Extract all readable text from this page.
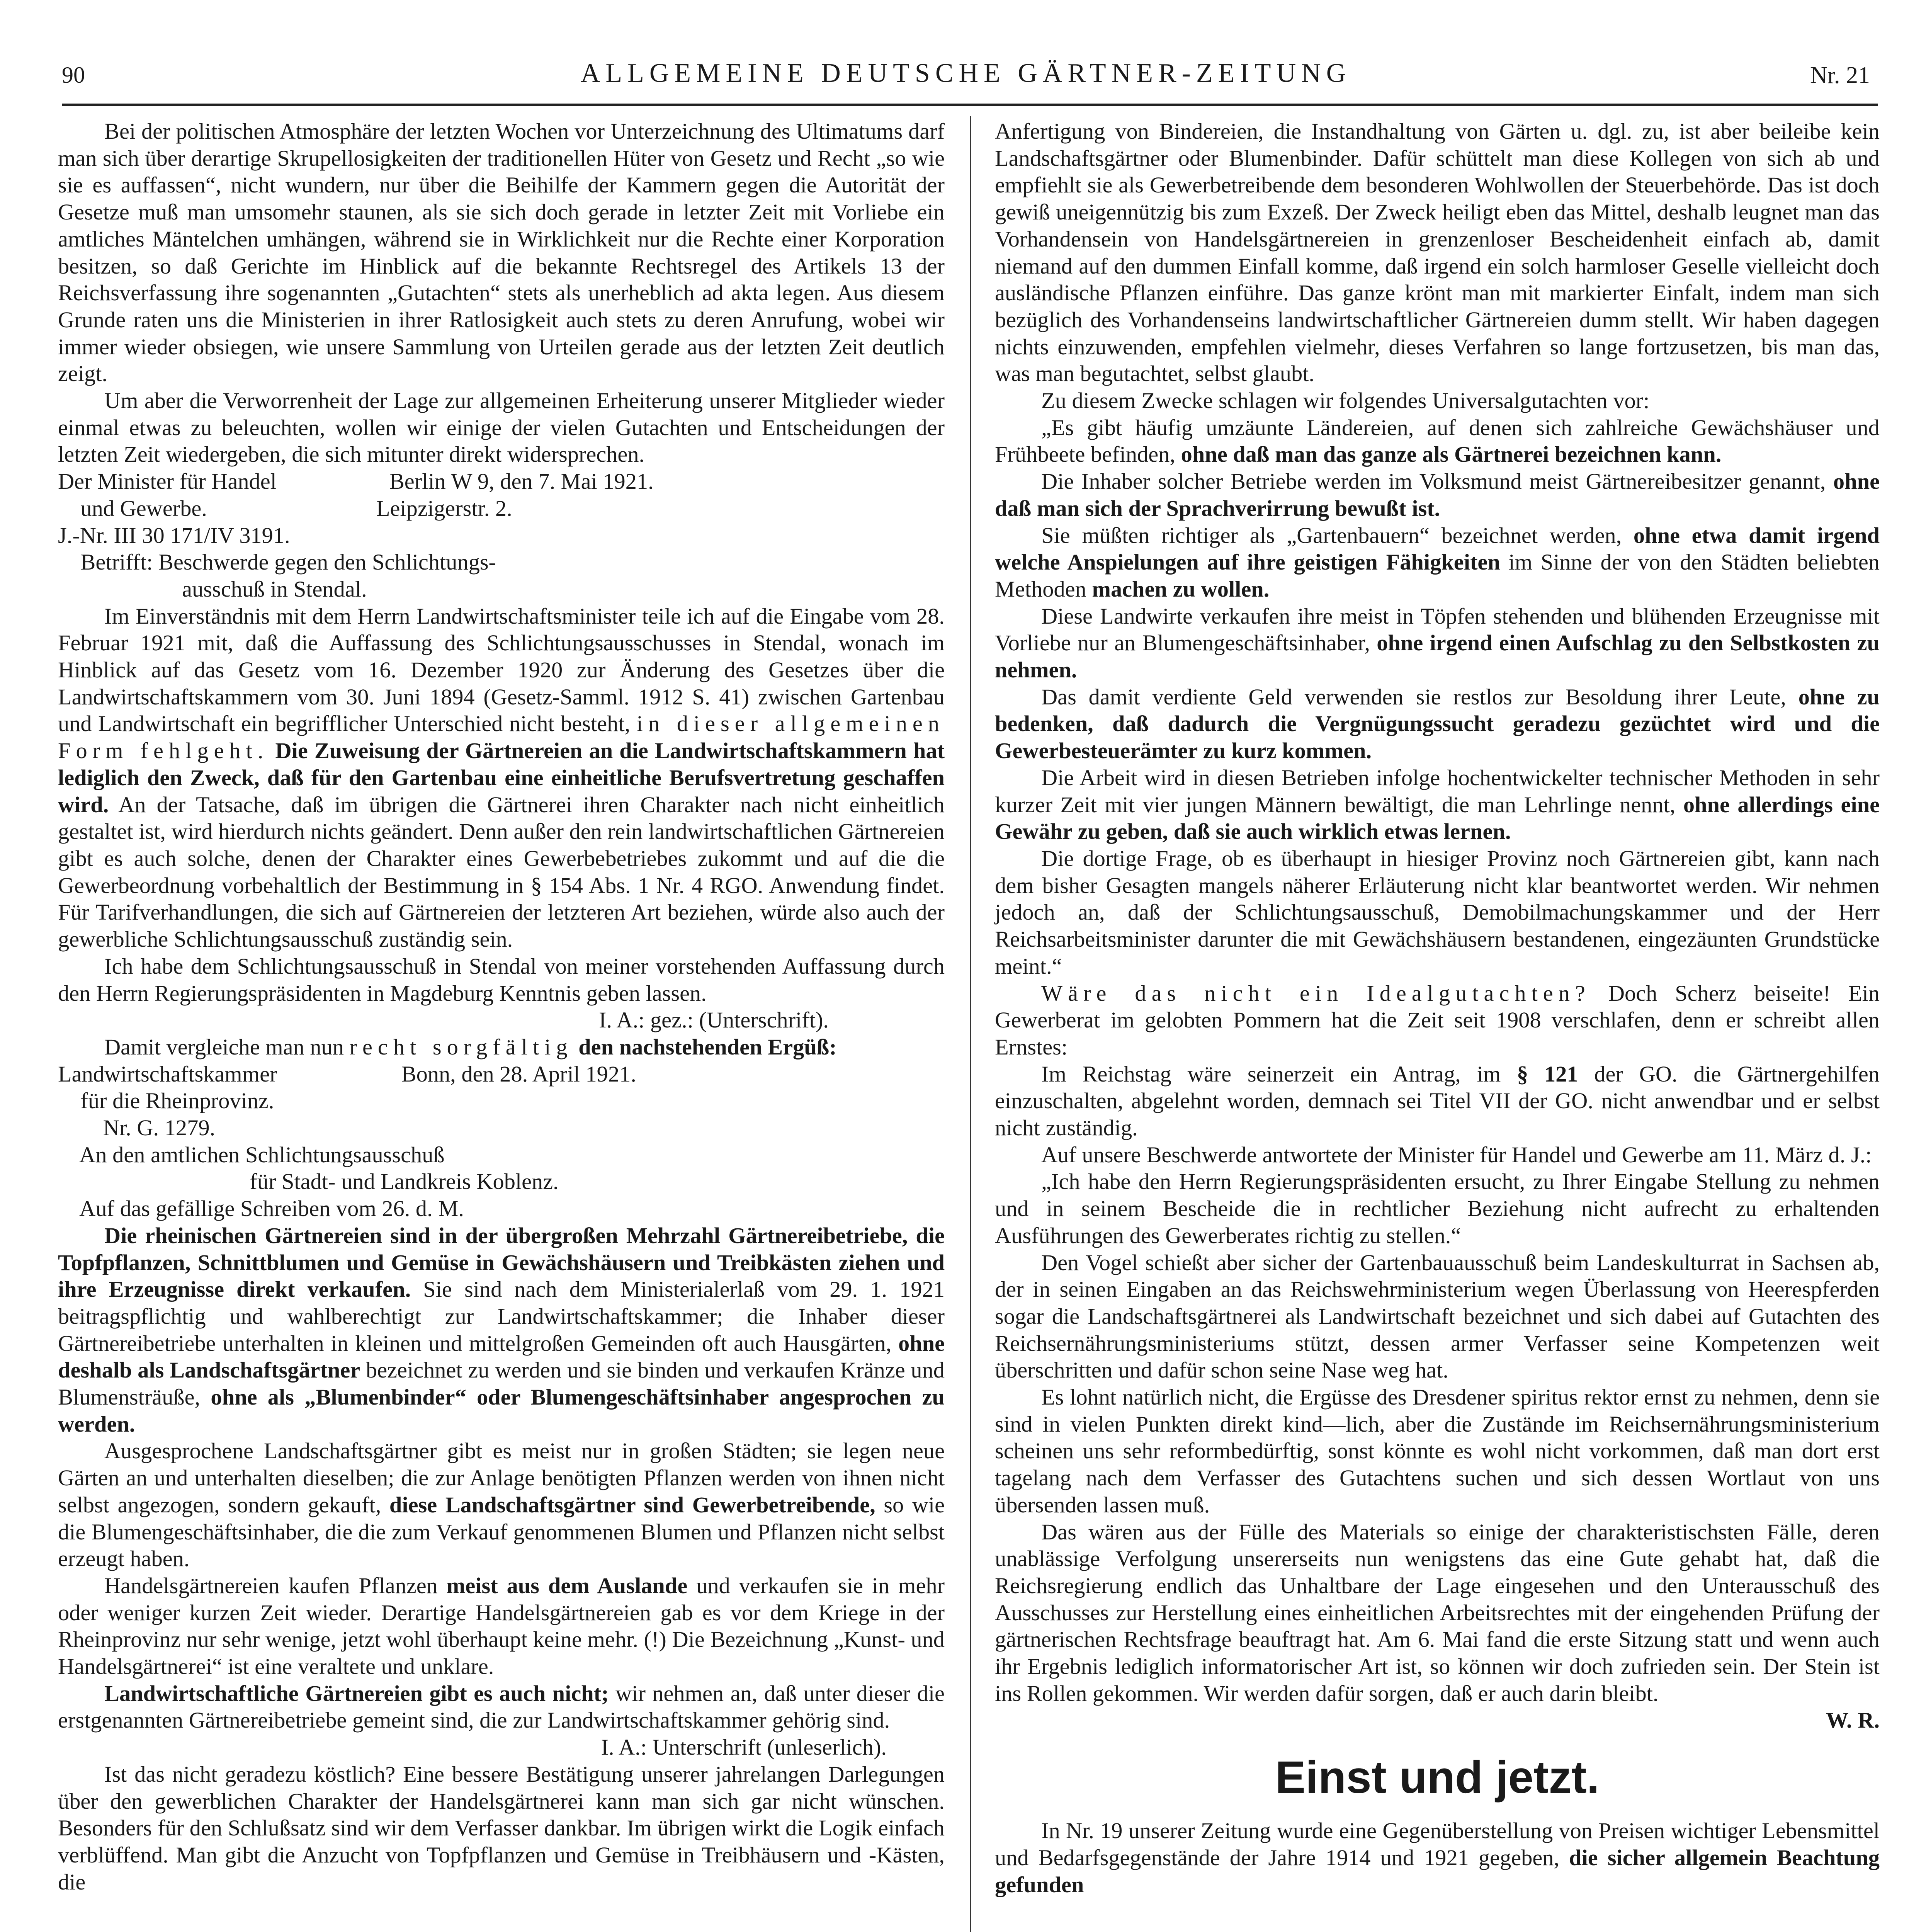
90	ALLGEMEINE DEUTSCHE GÄRTNER-ZEITUNG	Nr. 21

Bei der politischen Atmosphäre der letzten Wochen vor Unterzeichnung des Ultimatums darf man sich über derartige Skrupellosigkeiten der traditionellen Hüter von Gesetz und Recht „so wie sie es auffassen“, nicht wundern, nur über die Beihilfe der Kammern gegen die Autorität der Gesetze muß man umsomehr staunen, als sie sich doch gerade in letzter Zeit mit Vorliebe ein amtliches Mäntelchen umhängen, während sie in Wirklichkeit nur die Rechte einer Korporation besitzen, so daß Gerichte im Hinblick auf die bekannte Rechtsregel des Artikels 13 der Reichsverfassung ihre sogenannten „Gutachten“ stets als unerheblich ad akta legen. Aus diesem Grunde raten uns die Ministerien in ihrer Ratlosigkeit auch stets zu deren Anrufung, wobei wir immer wieder obsiegen, wie unsere Sammlung von Urteilen gerade aus der letzten Zeit deutlich zeigt.

Um aber die Verworrenheit der Lage zur allgemeinen Erheiterung unserer Mitglieder wieder einmal etwas zu beleuchten, wollen wir einige der vielen Gutachten und Entscheidungen der letzten Zeit wiedergeben, die sich mitunter direkt widersprechen.

Der Minister für Handel                    Berlin W 9, den 7. Mai 1921.

und Gewerbe.                              Leipzigerstr. 2.

J.-Nr. III 30 171/IV 3191.

Betrifft: Beschwerde gegen den Schlichtungs-

ausschuß in Stendal.

Im Einverständnis mit dem Herrn Landwirtschaftsminister teile ich auf die Eingabe vom 28. Februar 1921 mit, daß die Auffassung des Schlichtungsausschusses in Stendal, wonach im Hinblick auf das Gesetz vom 16. Dezember 1920 zur Änderung des Gesetzes über die Landwirtschaftskammern vom 30. Juni 1894 (Gesetz-Samml. 1912 S. 41) zwischen Gartenbau und Landwirtschaft ein begrifflicher Unterschied nicht besteht, in dieser allgemeinen Form fehlgeht. Die Zuweisung der Gärtnereien an die Landwirtschaftskammern hat lediglich den Zweck, daß für den Gartenbau eine einheitliche Berufsvertretung geschaffen wird. An der Tatsache, daß im übrigen die Gärtnerei ihren Charakter nach nicht einheitlich gestaltet ist, wird hierdurch nichts geändert. Denn außer den rein landwirtschaftlichen Gärtnereien gibt es auch solche, denen der Charakter eines Gewerbebetriebes zukommt und auf die die Gewerbeordnung vorbehaltlich der Bestimmung in § 154 Abs. 1 Nr. 4 RGO. Anwendung findet. Für Tarifverhandlungen, die sich auf Gärtnereien der letzteren Art beziehen, würde also auch der gewerbliche Schlichtungsausschuß zuständig sein.

Ich habe dem Schlichtungsausschuß in Stendal von meiner vorstehenden Auffassung durch den Herrn Regierungspräsidenten in Magdeburg Kenntnis geben lassen.

I. A.: gez.: (Unterschrift).

Damit vergleiche man nun recht sorgfältig den nachstehenden Ergüß:

Landwirtschaftskammer                      Bonn, den 28. April 1921.

für die Rheinprovinz.

Nr. G. 1279.

An den amtlichen Schlichtungsausschuß

für Stadt- und Landkreis Koblenz.

Auf das gefällige Schreiben vom 26. d. M.

Die rheinischen Gärtnereien sind in der übergroßen Mehrzahl Gärtnereibetriebe, die Topfpflanzen, Schnittblumen und Gemüse in Gewächshäusern und Treibkästen ziehen und ihre Erzeugnisse direkt verkaufen. Sie sind nach dem Ministerialerlaß vom 29. 1. 1921 beitragspflichtig und wahlberechtigt zur Landwirtschaftskammer; die Inhaber dieser Gärtnereibetriebe unterhalten in kleinen und mittelgroßen Gemeinden oft auch Hausgärten, ohne deshalb als Landschaftsgärtner bezeichnet zu werden und sie binden und verkaufen Kränze und Blumensträuße, ohne als „Blumenbinder“ oder Blumengeschäftsinhaber angesprochen zu werden.

Ausgesprochene Landschaftsgärtner gibt es meist nur in großen Städten; sie legen neue Gärten an und unterhalten dieselben; die zur Anlage benötigten Pflanzen werden von ihnen nicht selbst angezogen, sondern gekauft, diese Landschaftsgärtner sind Gewerbetreibende, so wie die Blumengeschäftsinhaber, die die zum Verkauf genommenen Blumen und Pflanzen nicht selbst erzeugt haben.

Handelsgärtnereien kaufen Pflanzen meist aus dem Auslande und verkaufen sie in mehr oder weniger kurzen Zeit wieder. Derartige Handelsgärtnereien gab es vor dem Kriege in der Rheinprovinz nur sehr wenige, jetzt wohl überhaupt keine mehr. (!) Die Bezeichnung „Kunst- und Handelsgärtnerei“ ist eine veraltete und unklare.

Landwirtschaftliche Gärtnereien gibt es auch nicht; wir nehmen an, daß unter dieser die erstgenannten Gärtnereibetriebe gemeint sind, die zur Landwirtschaftskammer gehörig sind.

I. A.: Unterschrift (unleserlich).

Ist das nicht geradezu köstlich? Eine bessere Bestätigung unserer jahrelangen Darlegungen über den gewerblichen Charakter der Handelsgärtnerei kann man sich gar nicht wünschen. Besonders für den Schlußsatz sind wir dem Verfasser dankbar. Im übrigen wirkt die Logik einfach verblüffend. Man gibt die Anzucht von Topfpflanzen und Gemüse in Treibhäusern und -Kästen, die

Anfertigung von Bindereien, die Instandhaltung von Gärten u. dgl. zu, ist aber beileibe kein Landschaftsgärtner oder Blumenbinder. Dafür schüttelt man diese Kollegen von sich ab und empfiehlt sie als Gewerbetreibende dem besonderen Wohlwollen der Steuerbehörde. Das ist doch gewiß uneigennützig bis zum Exzeß. Der Zweck heiligt eben das Mittel, deshalb leugnet man das Vorhandensein von Handelsgärtnereien in grenzenloser Bescheidenheit einfach ab, damit niemand auf den dummen Einfall komme, daß irgend ein solch harmloser Geselle vielleicht doch ausländische Pflanzen einführe. Das ganze krönt man mit markierter Einfalt, indem man sich bezüglich des Vorhandenseins landwirtschaftlicher Gärtnereien dumm stellt. Wir haben dagegen nichts einzuwenden, empfehlen vielmehr, dieses Verfahren so lange fortzusetzen, bis man das, was man begutachtet, selbst glaubt.

Zu diesem Zwecke schlagen wir folgendes Universalgutachten vor:

„Es gibt häufig umzäunte Ländereien, auf denen sich zahlreiche Gewächshäuser und Frühbeete befinden, ohne daß man das ganze als Gärtnerei bezeichnen kann.

Die Inhaber solcher Betriebe werden im Volksmund meist Gärtnereibesitzer genannt, ohne daß man sich der Sprachverirrung bewußt ist.

Sie müßten richtiger als „Gartenbauern“ bezeichnet werden, ohne etwa damit irgend welche Anspielungen auf ihre geistigen Fähigkeiten im Sinne der von den Städten beliebten Methoden machen zu wollen.

Diese Landwirte verkaufen ihre meist in Töpfen stehenden und blühenden Erzeugnisse mit Vorliebe nur an Blumengeschäftsinhaber, ohne irgend einen Aufschlag zu den Selbstkosten zu nehmen.

Das damit verdiente Geld verwenden sie restlos zur Besoldung ihrer Leute, ohne zu bedenken, daß dadurch die Vergnügungssucht geradezu gezüchtet wird und die Gewerbesteuerämter zu kurz kommen.

Die Arbeit wird in diesen Betrieben infolge hochentwickelter technischer Methoden in sehr kurzer Zeit mit vier jungen Männern bewältigt, die man Lehrlinge nennt, ohne allerdings eine Gewähr zu geben, daß sie auch wirklich etwas lernen.

Die dortige Frage, ob es überhaupt in hiesiger Provinz noch Gärtnereien gibt, kann nach dem bisher Gesagten mangels näherer Erläuterung nicht klar beantwortet werden. Wir nehmen jedoch an, daß der Schlichtungsausschuß, Demobilmachungskammer und der Herr Reichsarbeitsminister darunter die mit Gewächshäusern bestandenen, eingezäunten Grundstücke meint.“

Wäre das nicht ein Idealgutachten? Doch Scherz beiseite! Ein Gewerberat im gelobten Pommern hat die Zeit seit 1908 verschlafen, denn er schreibt allen Ernstes:

Im Reichstag wäre seinerzeit ein Antrag, im § 121 der GO. die Gärtnergehilfen einzuschalten, abgelehnt worden, demnach sei Titel VII der GO. nicht anwendbar und er selbst nicht zuständig.

Auf unsere Beschwerde antwortete der Minister für Handel und Gewerbe am 11. März d. J.:

„Ich habe den Herrn Regierungspräsidenten ersucht, zu Ihrer Eingabe Stellung zu nehmen und in seinem Bescheide die in rechtlicher Beziehung nicht aufrecht zu erhaltenden Ausführungen des Gewerberates richtig zu stellen.“

Den Vogel schießt aber sicher der Gartenbauausschuß beim Landeskulturrat in Sachsen ab, der in seinen Eingaben an das Reichswehrministerium wegen Überlassung von Heerespferden sogar die Landschaftsgärtnerei als Landwirtschaft bezeichnet und sich dabei auf Gutachten des Reichsernährungsministeriums stützt, dessen armer Verfasser seine Kompetenzen weit überschritten und dafür schon seine Nase weg hat.

Es lohnt natürlich nicht, die Ergüsse des Dresdener spiritus rektor ernst zu nehmen, denn sie sind in vielen Punkten direkt kind—lich, aber die Zustände im Reichsernährungsministerium scheinen uns sehr reformbedürftig, sonst könnte es wohl nicht vorkommen, daß man dort erst tagelang nach dem Verfasser des Gutachtens suchen und sich dessen Wortlaut von uns übersenden lassen muß.

Das wären aus der Fülle des Materials so einige der charakteristischsten Fälle, deren unablässige Verfolgung unsererseits nun wenigstens das eine Gute gehabt hat, daß die Reichsregierung endlich das Unhaltbare der Lage eingesehen und den Unterausschuß des Ausschusses zur Herstellung eines einheitlichen Arbeitsrechtes mit der eingehenden Prüfung der gärtnerischen Rechtsfrage beauftragt hat. Am 6. Mai fand die erste Sitzung statt und wenn auch ihr Ergebnis lediglich informatorischer Art ist, so können wir doch zufrieden sein. Der Stein ist ins Rollen gekommen. Wir werden dafür sorgen, daß er auch darin bleibt.

W. R.

Einst und jetzt.

In Nr. 19 unserer Zeitung wurde eine Gegenüberstellung von Preisen wichtiger Lebensmittel und Bedarfsgegenstände der Jahre 1914 und 1921 gegeben, die sicher allgemein Beachtung gefunden
